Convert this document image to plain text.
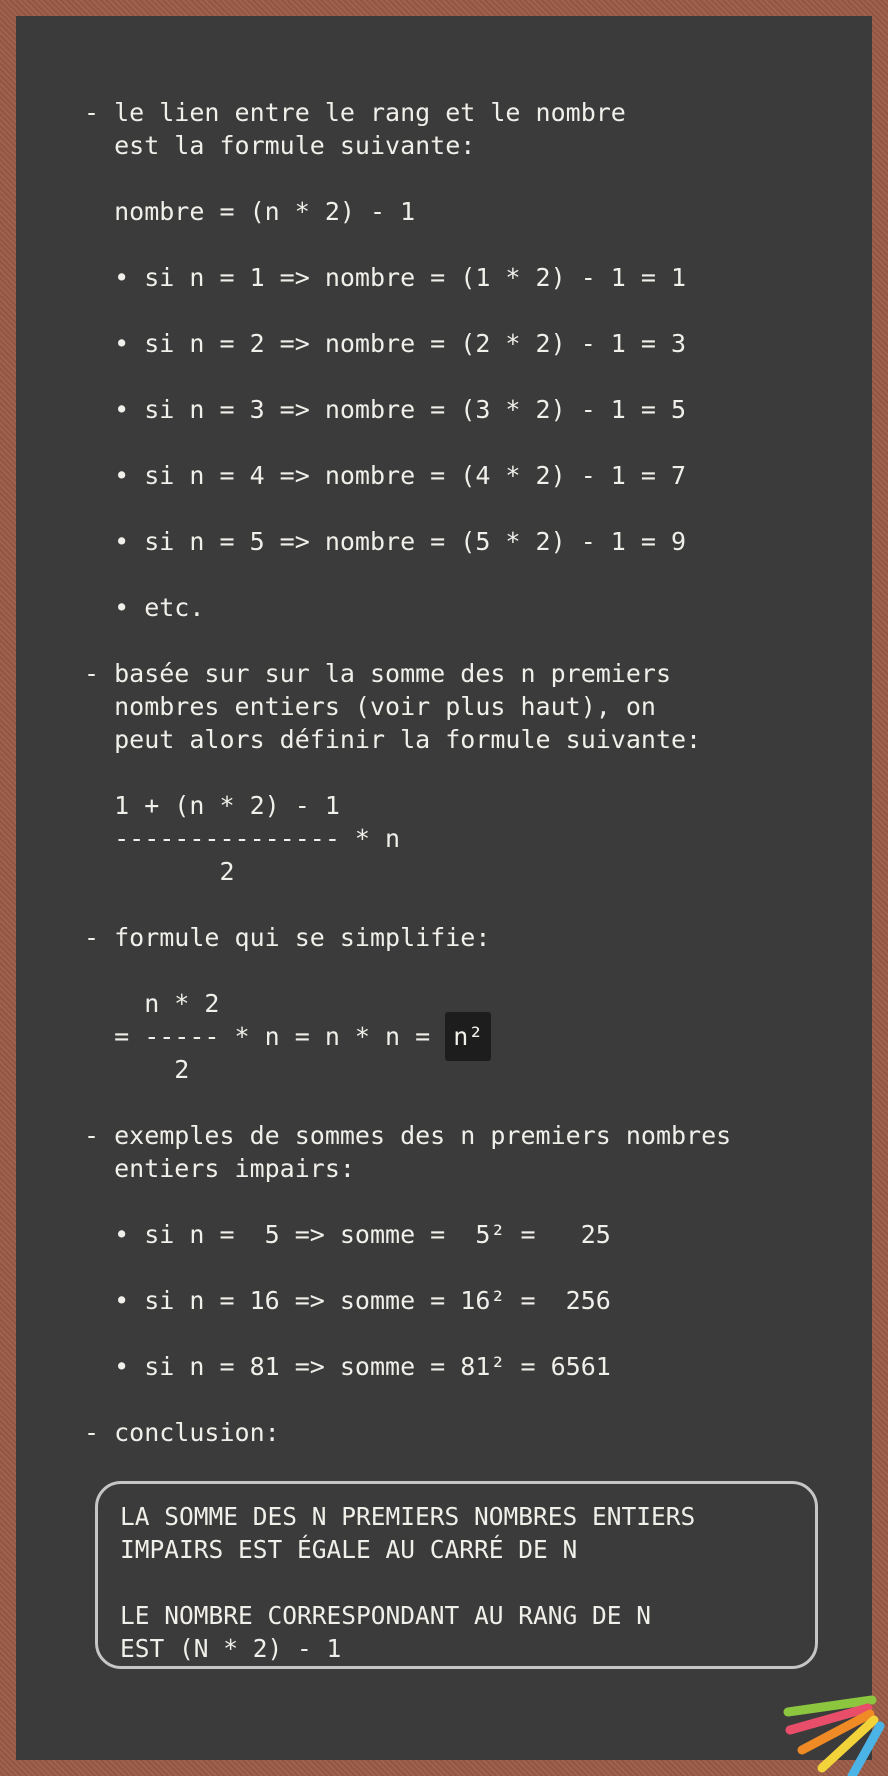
- le lien entre le rang et le nombre
est la formule suivante:
nombre = (n * 2) - 1
• si n = 1 => nombre = (1 * 2) - 1 = 1
• si n = 2 => nombre = (2 * 2) - 1 = 3
• si n = 3 => nombre = (3 * 2) - 1 = 5
• si n = 4 => nombre = (4 * 2) - 1 = 7
• si n = 5 => nombre = (5 * 2) - 1 = 9
• etc.
- basée sur sur la somme des n premiers
nombres entiers (voir plus haut), on
peut alors définir la formule suivante:
1 + (n * 2) - 1
--------------- * n
2
- formule qui se simplifie:
n * 2
= ----- * n = n * n = n²
2
- exemples de sommes des n premiers nombres
entiers impairs:
• si n =  5 => somme =  5² =   25
• si n = 16 => somme = 16² =  256
• si n = 81 => somme = 81² = 6561
- conclusion:
LA SOMME DES N PREMIERS NOMBRES ENTIERS
IMPAIRS EST ÉGALE AU CARRÉ DE N
LE NOMBRE CORRESPONDANT AU RANG DE N
EST (N * 2) - 1
